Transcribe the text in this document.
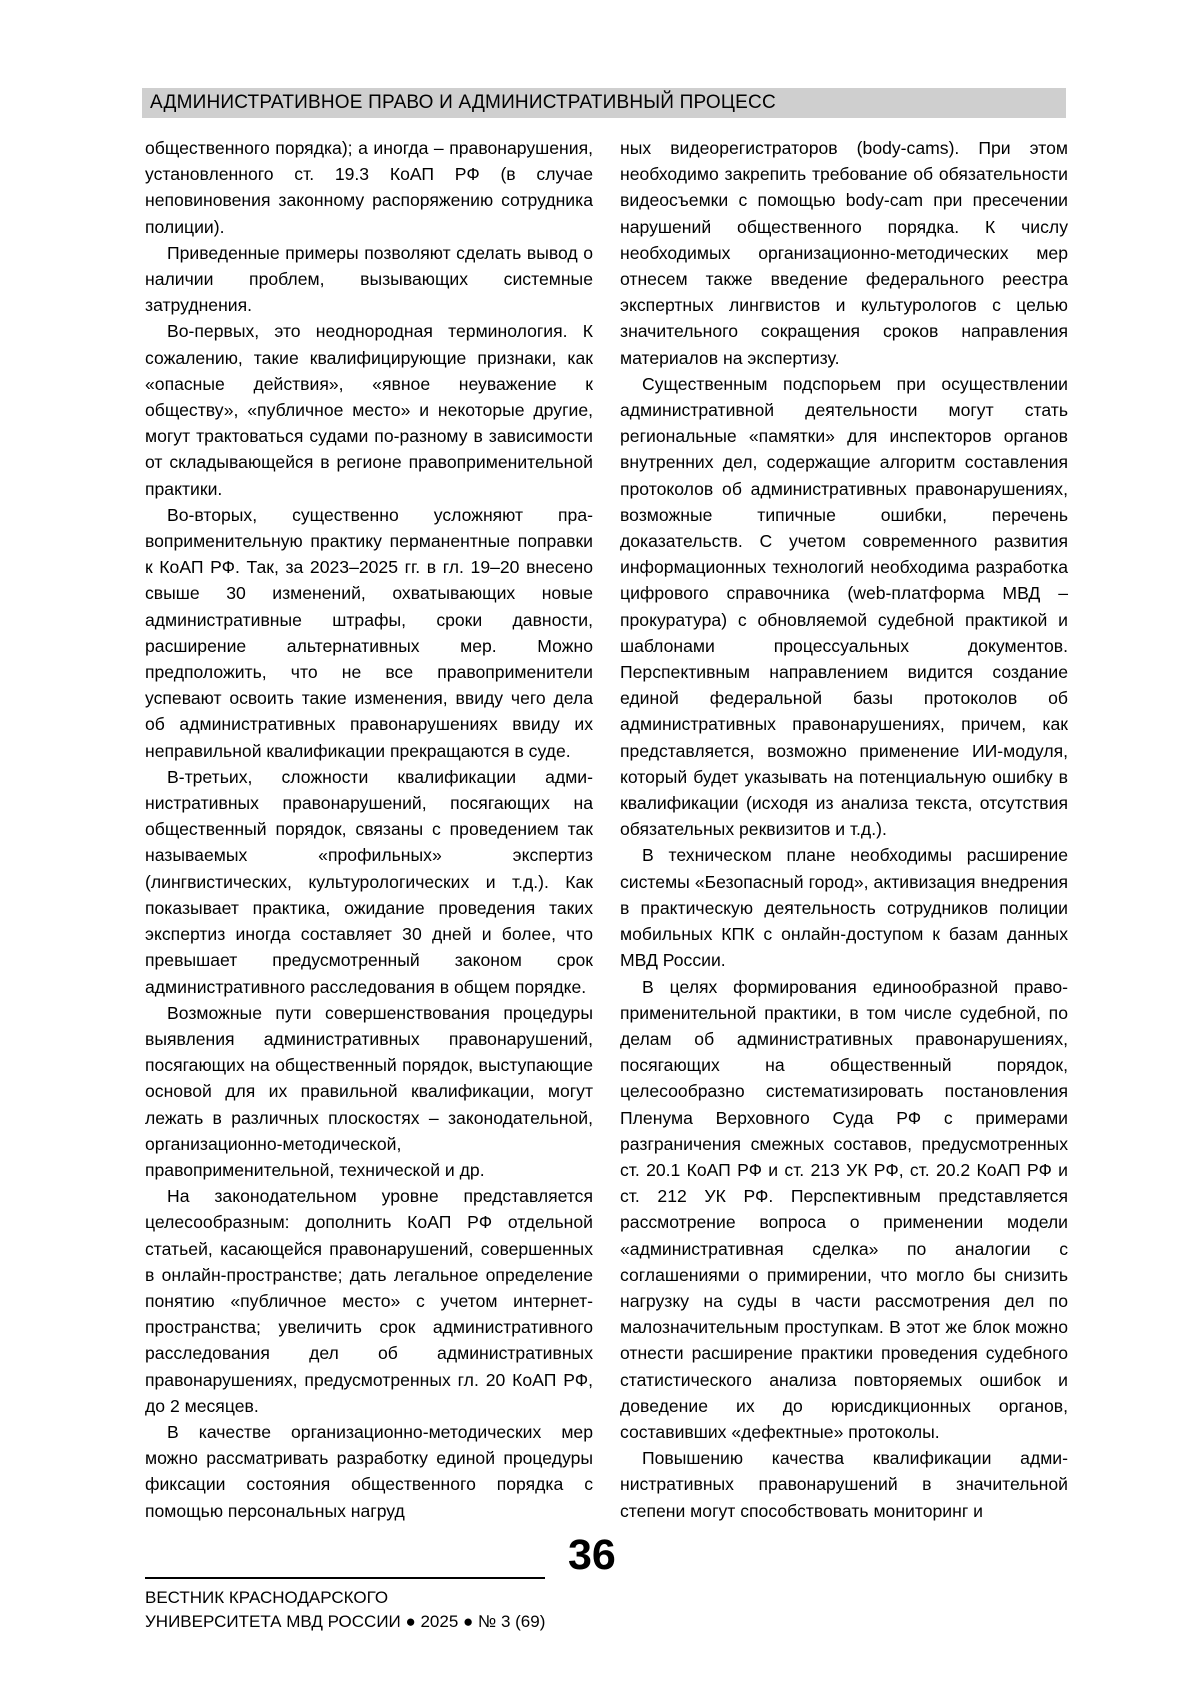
АДМИНИСТРАТИВНОЕ ПРАВО И АДМИНИСТРАТИВНЫЙ ПРОЦЕСС

общественного порядка); а иногда – правонарушения, установленного ст. 19.3 КоАП РФ (в случае неповиновения законному распоряжению сотрудника полиции).

Приведенные примеры позволяют сделать вывод о наличии проблем, вызывающих системные затруднения.

Во-первых, это неоднородная терминология. К сожалению, такие квалифицирующие признаки, как «опасные действия», «явное неуважение к обществу», «публичное место» и некоторые другие, могут трактоваться судами по-разному в зависимости от складывающейся в регионе правоприменительной практики.

Во-вторых, существенно усложняют правоприменительную практику перманентные поправки к КоАП РФ. Так, за 2023–2025 гг. в гл. 19–20 внесено свыше 30 изменений, охватывающих новые административные штрафы, сроки давности, расширение альтернативных мер. Можно предположить, что не все правоприменители успевают освоить такие изменения, ввиду чего дела об административных правонарушениях ввиду их неправильной квалификации прекращаются в суде.

В-третьих, сложности квалификации административных правонарушений, посягающих на общественный порядок, связаны с проведением так называемых «профильных» экспертиз (лингвистических, культурологических и т.д.). Как показывает практика, ожидание проведения таких экспертиз иногда составляет 30 дней и более, что превышает предусмотренный законом срок административного расследования в общем порядке.

Возможные пути совершенствования процедуры выявления административных правонарушений, посягающих на общественный порядок, выступающие основой для их правильной квалификации, могут лежать в различных плоскостях – законодательной, организационно-методической, правоприменительной, технической и др.

На законодательном уровне представляется целесообразным: дополнить КоАП РФ отдельной статьей, касающейся правонарушений, совершенных в онлайн-пространстве; дать легальное определение понятию «публичное место» с учетом интернет-пространства; увеличить срок административного расследования дел об административных правонарушениях, предусмотренных гл. 20 КоАП РФ, до 2 месяцев.

В качестве организационно-методических мер можно рассматривать разработку единой процедуры фиксации состояния общественного порядка с помощью персональных нагруд

ных видеорегистраторов (body-cams). При этом необходимо закрепить требование об обязательности видеосъемки с помощью body-cam при пресечении нарушений общественного порядка. К числу необходимых организационно-методических мер отнесем также введение федерального реестра экспертных лингвистов и культурологов с целью значительного сокращения сроков направления материалов на экспертизу.

Существенным подспорьем при осуществлении административной деятельности могут стать региональные «памятки» для инспекторов органов внутренних дел, содержащие алгоритм составления протоколов об административных правонарушениях, возможные типичные ошибки, перечень доказательств. С учетом современного развития информационных технологий необходима разработка цифрового справочника (web-платформа МВД – прокуратура) с обновляемой судебной практикой и шаблонами процессуальных документов. Перспективным направлением видится создание единой федеральной базы протоколов об административных правонарушениях, причем, как представляется, возможно применение ИИ-модуля, который будет указывать на потенциальную ошибку в квалификации (исходя из анализа текста, отсутствия обязательных реквизитов и т.д.).

В техническом плане необходимы расширение системы «Безопасный город», активизация внедрения в практическую деятельность сотрудников полиции мобильных КПК с онлайн-доступом к базам данных МВД России.

В целях формирования единообразной правоприменительной практики, в том числе судебной, по делам об административных правонарушениях, посягающих на общественный порядок, целесообразно систематизировать постановления Пленума Верховного Суда РФ с примерами разграничения смежных составов, предусмотренных ст. 20.1 КоАП РФ и ст. 213 УК РФ, ст. 20.2 КоАП РФ и ст. 212 УК РФ. Перспективным представляется рассмотрение вопроса о применении модели «административная сделка» по аналогии с соглашениями о примирении, что могло бы снизить нагрузку на суды в части рассмотрения дел по малозначительным проступкам. В этот же блок можно отнести расширение практики проведения судебного статистического анализа повторяемых ошибок и доведение их до юрисдикционных органов, составивших «дефектные» протоколы.

Повышению качества квалификации административных правонарушений в значительной степени могут способствовать мониторинг и

36
ВЕСТНИК КРАСНОДАРСКОГО
УНИВЕРСИТЕТА МВД РОССИИ ● 2025 ● № 3 (69)
